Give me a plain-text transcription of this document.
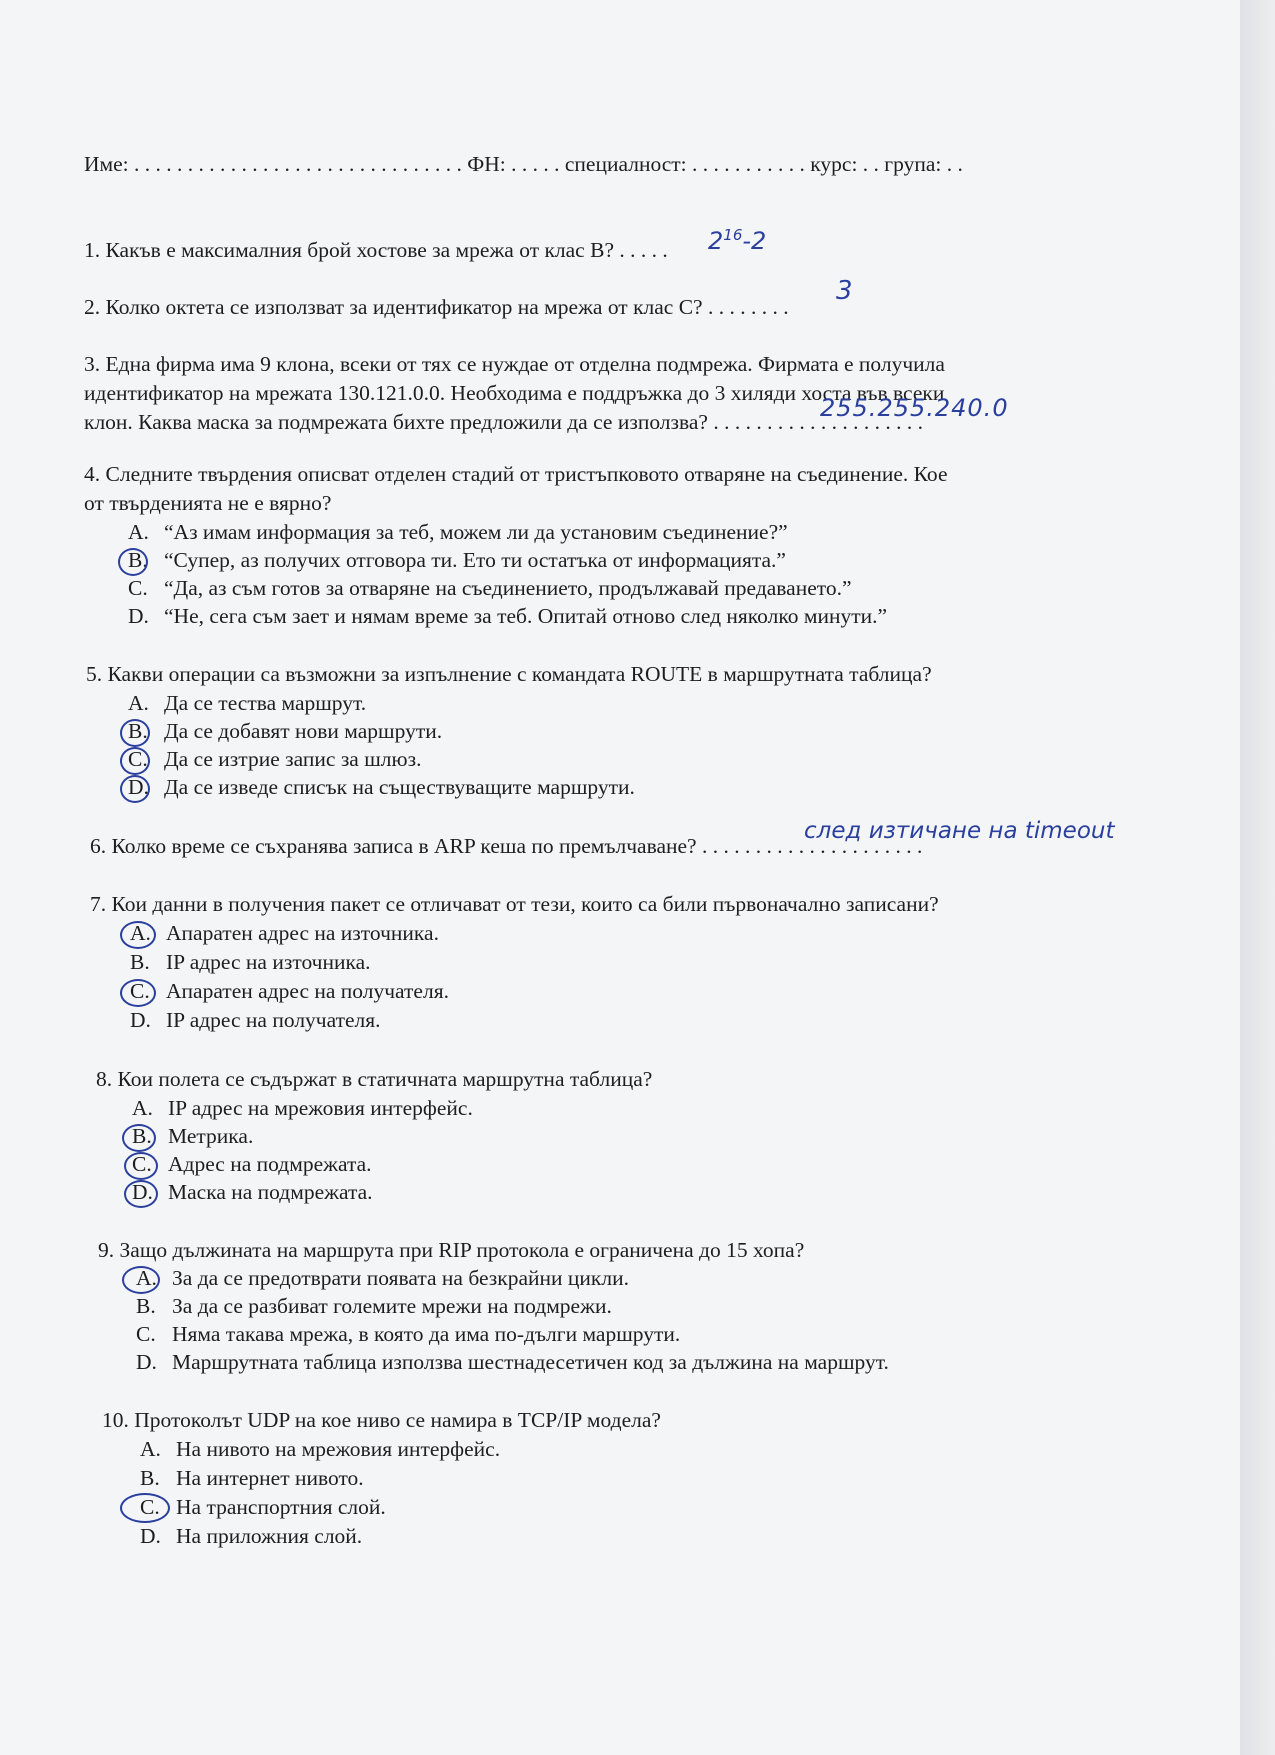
Име: . . . . . . . . . . . . . . . . . . . . . . . . . . . . . . . ФН: . . . . . специалност: . . . . . . . . . . . курс: . . група: . .
1. Какъв е максималния брой хостове за мрежа от клас B? . . . . . $2^{16}-2$
2. Колко октета се използват за идентификатор на мрежа от клас С? . . . . . . . .
3
3. Една фирма има 9 клона, всеки от тях се нуждае от отделна подмрежа. Фирмата е получила
идентификатор на мрежата 130.121.0.0. Необходима е поддръжка до 3 хиляди хоста във всеки
клон. Каква маска за подмрежата бихте предложили да се използва? . . . . . . . . . . . . . . . . . . . .
255.255.240.0
4. Следните твърдения описват отделен стадий от тристъпковото отваряне на съединение. Кое
от твърденията не е вярно?
A. “Аз имам информация за теб, можем ли да установим съединение?”
B. “Супер, аз получих отговора ти. Ето ти остатъка от информацията.”
C. “Да, аз съм готов за отваряне на съединениeто, продължавай предаването.”
D. “Не, сега съм зает и нямам време за теб. Опитай отново след няколко минути.”
5. Какви операции са възможни за изпълнение с командата ROUTE в маршрутната таблица?
A. Да се тества маршрут.
B. Да се добавят нови маршрути.
C. Да се изтрие запис за шлюз.
D. Да се изведе списък на съществуващите маршрути.
6. Колко време се съхранява записа в ARP кеша по премълчаване? . . . . . . . . . . . . . . . . . . . . .
след изтичане на timeout
7. Кои данни в получения пакет се отличават от тези, които са били първоначално записани?
A. Апаратен адрес на източника.
B. IP адрес на източника.
C. Апаратен адрес на получателя.
D. IP адрес на получателя.
8. Кои полета се съдържат в статичната маршрутна таблица?
A. IP адрес на мрежовия интерфейс.
B. Метрика.
C. Адрес на подмрежата.
D. Маска на подмрежата.
9. Защо дължината на маршрута при RIP протокола е ограничена до 15 хопа?
A. За да се предотврати появата на безкрайни цикли.
B. За да се разбиват големите мрежи на подмрежи.
C. Няма такава мрежа, в която да има по-дълги маршрути.
D. Маршрутната таблица използва шестнадесетичен код за дължина на маршрут.
10. Протоколът UDP на кое ниво се намира в TCP/IP модела?
A. На нивото на мрежовия интерфейс.
B. На интернет нивото.
C. На транспортния слой.
D. На приложния слой.
